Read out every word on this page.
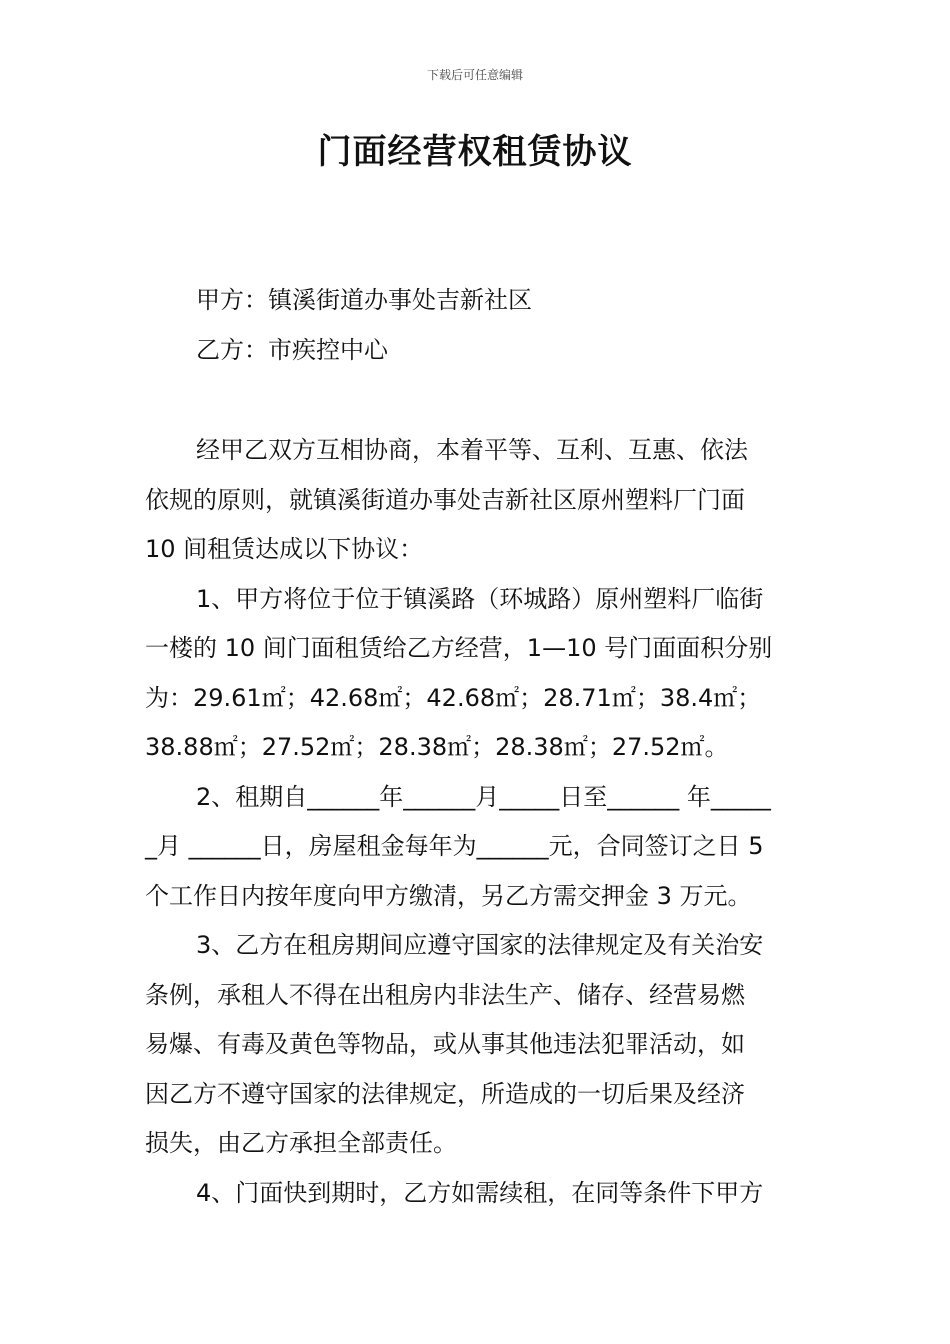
下载后可任意编辑
门面经营权租赁协议
甲方：镇溪街道办事处吉新社区
乙方：市疾控中心
经甲乙双方互相协商，本着平等、互利、互惠、依法
依规的原则，就镇溪街道办事处吉新社区原州塑料厂门面
10 间租赁达成以下协议：
1、甲方将位于位于镇溪路（环城路）原州塑料厂临街
一楼的 10 间门面租赁给乙方经营，1—10 号门面面积分别
为：29.61㎡；42.68㎡；42.68㎡；28.71㎡；38.4㎡；
38.88㎡；27.52㎡；28.38㎡；28.38㎡；27.52㎡。
2、租期自______年______月_____日至______ 年_____
_月 ______日，房屋租金每年为______元，合同签订之日 5
个工作日内按年度向甲方缴清，另乙方需交押金 3 万元。
3、乙方在租房期间应遵守国家的法律规定及有关治安
条例，承租人不得在出租房内非法生产、储存、经营易燃
易爆、有毒及黄色等物品，或从事其他违法犯罪活动，如
因乙方不遵守国家的法律规定，所造成的一切后果及经济
损失，由乙方承担全部责任。
4、门面快到期时，乙方如需续租，在同等条件下甲方
